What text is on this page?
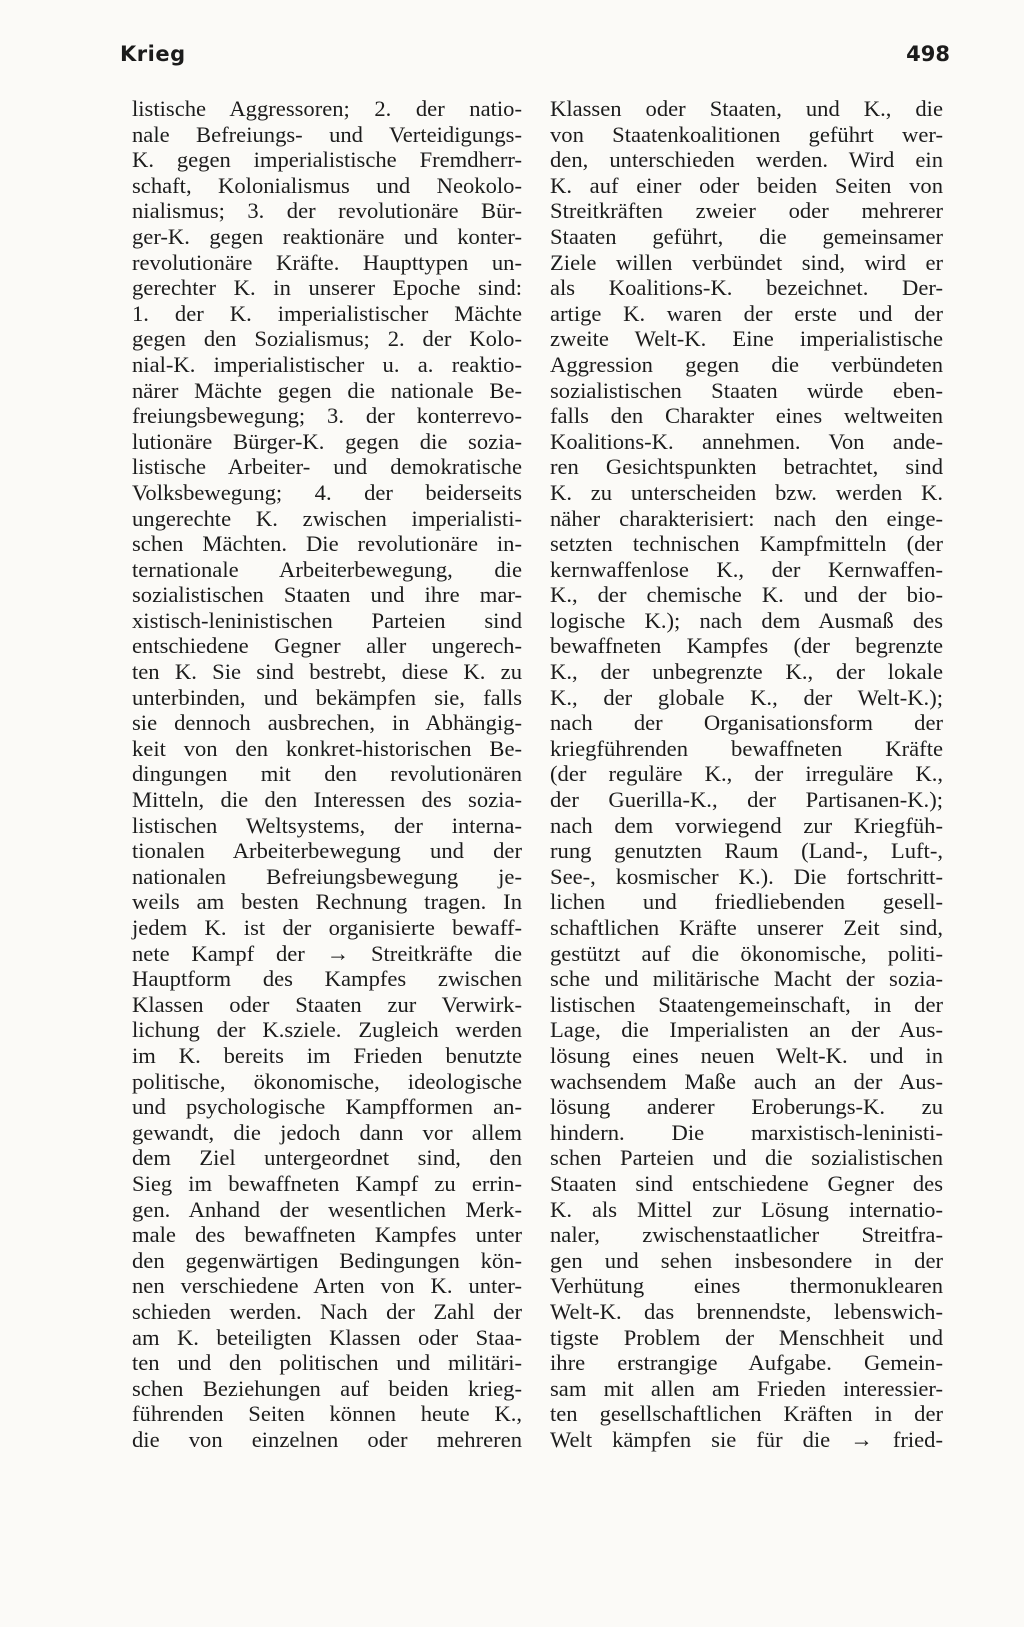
Krieg	498
listische Aggressoren; 2. der natio-
nale Befreiungs- und Verteidigungs-
K. gegen imperialistische Fremdherr-
schaft, Kolonialismus und Neokolo-
nialismus; 3. der revolutionäre Bür-
ger-K. gegen reaktionäre und konter-
revolutionäre Kräfte. Haupttypen un-
gerechter K. in unserer Epoche sind:
1. der K. imperialistischer Mächte
gegen den Sozialismus; 2. der Kolo-
nial-K. imperialistischer u. a. reaktio-
närer Mächte gegen die nationale Be-
freiungsbewegung; 3. der konterrevo-
lutionäre Bürger-K. gegen die sozia-
listische Arbeiter- und demokratische
Volksbewegung; 4. der beiderseits
ungerechte K. zwischen imperialisti-
schen Mächten. Die revolutionäre in-
ternationale Arbeiterbewegung, die
sozialistischen Staaten und ihre mar-
xistisch-leninistischen Parteien sind
entschiedene Gegner aller ungerech-
ten K. Sie sind bestrebt, diese K. zu
unterbinden, und bekämpfen sie, falls
sie dennoch ausbrechen, in Abhängig-
keit von den konkret-historischen Be-
dingungen mit den revolutionären
Mitteln, die den Interessen des sozia-
listischen Weltsystems, der interna-
tionalen Arbeiterbewegung und der
nationalen Befreiungsbewegung je-
weils am besten Rechnung tragen. In
jedem K. ist der organisierte bewaff-
nete Kampf der → Streitkräfte die
Hauptform des Kampfes zwischen
Klassen oder Staaten zur Verwirk-
lichung der K.sziele. Zugleich werden
im K. bereits im Frieden benutzte
politische, ökonomische, ideologische
und psychologische Kampfformen an-
gewandt, die jedoch dann vor allem
dem Ziel untergeordnet sind, den
Sieg im bewaffneten Kampf zu errin-
gen. Anhand der wesentlichen Merk-
male des bewaffneten Kampfes unter
den gegenwärtigen Bedingungen kön-
nen verschiedene Arten von K. unter-
schieden werden. Nach der Zahl der
am K. beteiligten Klassen oder Staa-
ten und den politischen und militäri-
schen Beziehungen auf beiden krieg-
führenden Seiten können heute K.,
die von einzelnen oder mehreren
Klassen oder Staaten, und K., die
von Staatenkoalitionen geführt wer-
den, unterschieden werden. Wird ein
K. auf einer oder beiden Seiten von
Streitkräften zweier oder mehrerer
Staaten geführt, die gemeinsamer
Ziele willen verbündet sind, wird er
als Koalitions-K. bezeichnet. Der-
artige K. waren der erste und der
zweite Welt-K. Eine imperialistische
Aggression gegen die verbündeten
sozialistischen Staaten würde eben-
falls den Charakter eines weltweiten
Koalitions-K. annehmen. Von ande-
ren Gesichtspunkten betrachtet, sind
K. zu unterscheiden bzw. werden K.
näher charakterisiert: nach den einge-
setzten technischen Kampfmitteln (der
kernwaffenlose K., der Kernwaffen-
K., der chemische K. und der bio-
logische K.); nach dem Ausmaß des
bewaffneten Kampfes (der begrenzte
K., der unbegrenzte K., der lokale
K., der globale K., der Welt-K.);
nach der Organisationsform der
kriegführenden bewaffneten Kräfte
(der reguläre K., der irreguläre K.,
der Guerilla-K., der Partisanen-K.);
nach dem vorwiegend zur Kriegfüh-
rung genutzten Raum (Land-, Luft-,
See-, kosmischer K.). Die fortschritt-
lichen und friedliebenden gesell-
schaftlichen Kräfte unserer Zeit sind,
gestützt auf die ökonomische, politi-
sche und militärische Macht der sozia-
listischen Staatengemeinschaft, in der
Lage, die Imperialisten an der Aus-
lösung eines neuen Welt-K. und in
wachsendem Maße auch an der Aus-
lösung anderer Eroberungs-K. zu
hindern. Die marxistisch-leninisti-
schen Parteien und die sozialistischen
Staaten sind entschiedene Gegner des
K. als Mittel zur Lösung internatio-
naler, zwischenstaatlicher Streitfra-
gen und sehen insbesondere in der
Verhütung eines thermonuklearen
Welt-K. das brennendste, lebenswich-
tigste Problem der Menschheit und
ihre erstrangige Aufgabe. Gemein-
sam mit allen am Frieden interessier-
ten gesellschaftlichen Kräften in der
Welt kämpfen sie für die → fried-
